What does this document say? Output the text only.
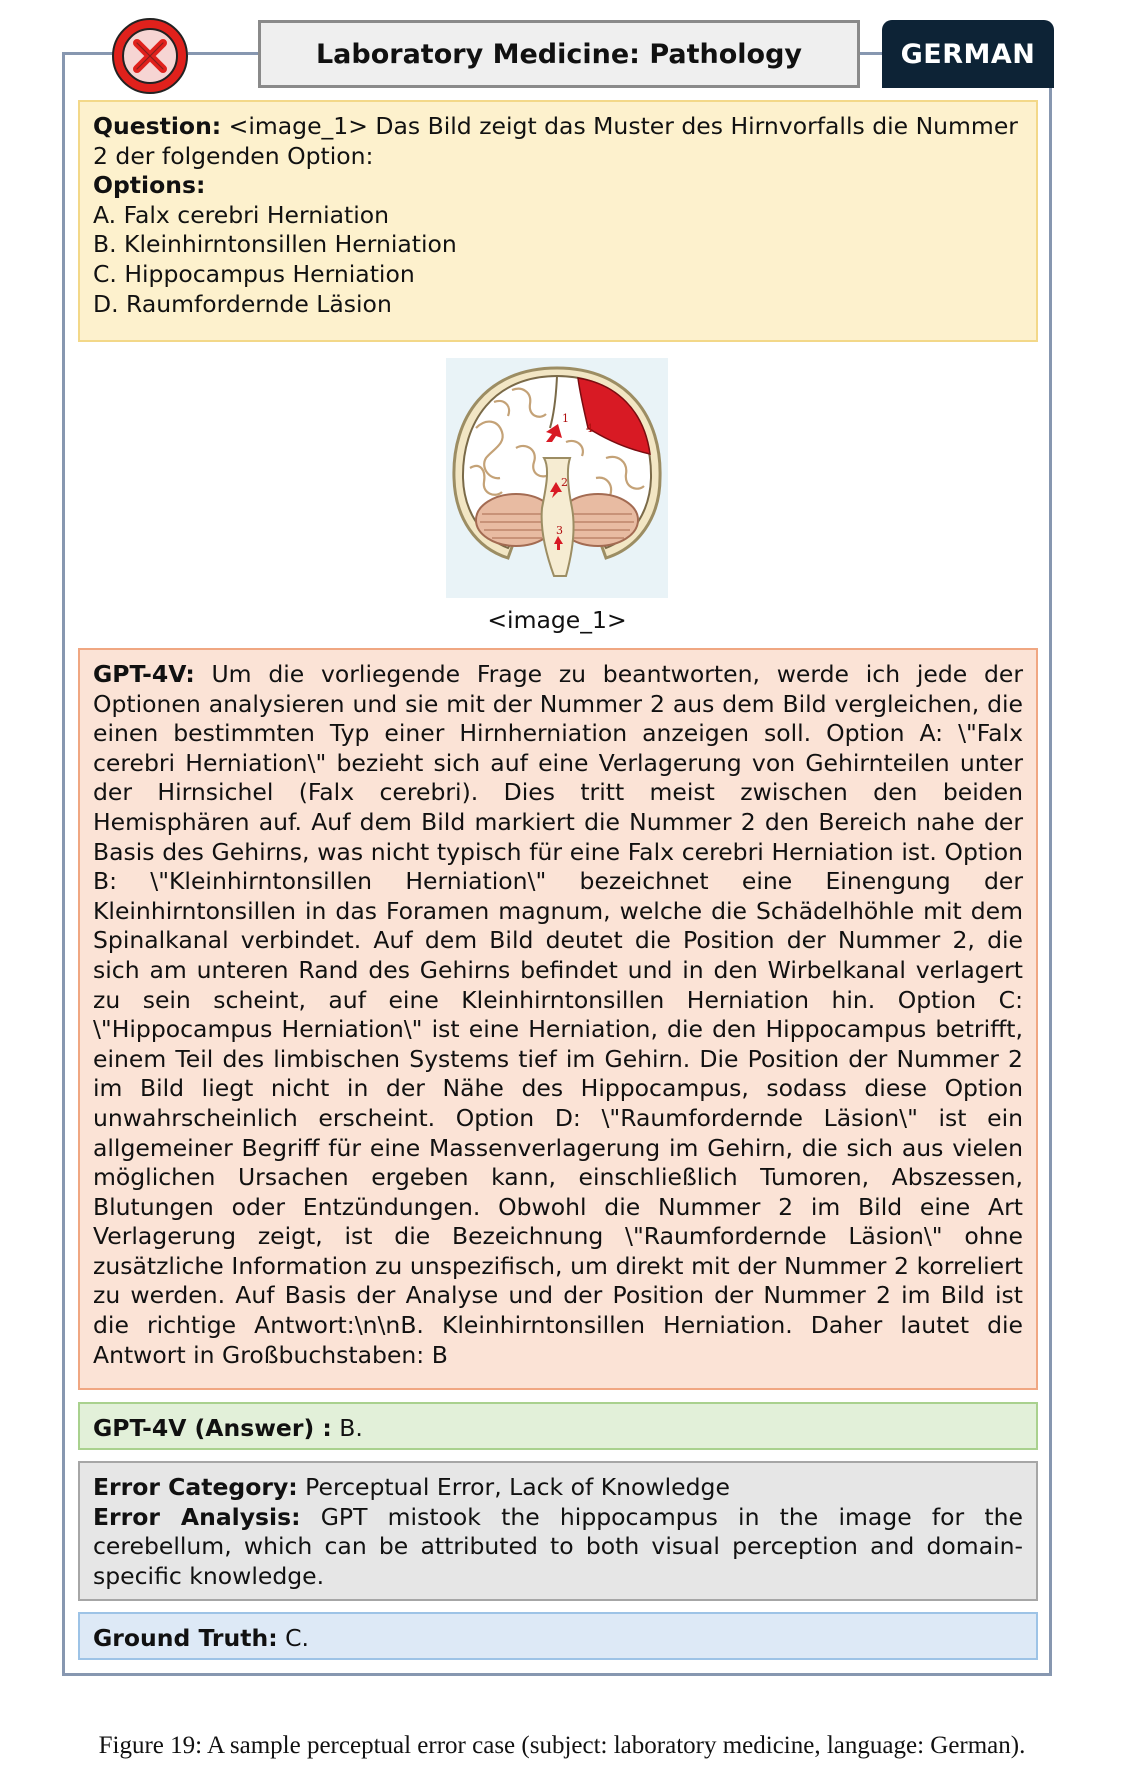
Laboratory Medicine: Pathology	GERMAN
Question: <image_1> Das Bild zeigt das Muster des Hirnvorfalls die Nummer 2 der folgenden Option:
Options:
A. Falx cerebri Herniation
B. Kleinhirntonsillen Herniation
C. Hippocampus Herniation
D. Raumfordernde Läsion
1
4
2
3
<image_1>
GPT-4V: Um die vorliegende Frage zu beantworten, werde ich jede der Optionen analysieren und sie mit der Nummer 2 aus dem Bild vergleichen, die einen bestimmten Typ einer Hirnherniation anzeigen soll. Option A: \"Falx cerebri Herniation\" bezieht sich auf eine Verlagerung von Gehirnteilen unter der Hirnsichel (Falx cerebri). Dies tritt meist zwischen den beiden Hemisphären auf. Auf dem Bild markiert die Nummer 2 den Bereich nahe der Basis des Gehirns, was nicht typisch für eine Falx cerebri Herniation ist. Option B: \"Kleinhirntonsillen Herniation\" bezeichnet eine Einengung der Kleinhirntonsillen in das Foramen magnum, welche die Schädelhöhle mit dem Spinalkanal verbindet. Auf dem Bild deutet die Position der Nummer 2, die sich am unteren Rand des Gehirns befindet und in den Wirbelkanal verlagert zu sein scheint, auf eine Kleinhirntonsillen Herniation hin. Option C: \"Hippocampus Herniation\" ist eine Herniation, die den Hippocampus betrifft, einem Teil des limbischen Systems tief im Gehirn. Die Position der Nummer 2 im Bild liegt nicht in der Nähe des Hippocampus, sodass diese Option unwahrscheinlich erscheint. Option D: \"Raumfordernde Läsion\" ist ein allgemeiner Begriff für eine Massenverlagerung im Gehirn, die sich aus vielen möglichen Ursachen ergeben kann, einschließlich Tumoren, Abszessen, Blutungen oder Entzündungen. Obwohl die Nummer 2 im Bild eine Art Verlagerung zeigt, ist die Bezeichnung \"Raumfordernde Läsion\" ohne zusätzliche Information zu unspezifisch, um direkt mit der Nummer 2 korreliert zu werden. Auf Basis der Analyse und der Position der Nummer 2 im Bild ist die richtige Antwort:\n\nB. Kleinhirntonsillen Herniation. Daher lautet die Antwort in Großbuchstaben: B
GPT-4V (Answer) : B.
Error Category: Perceptual Error, Lack of Knowledge
Error Analysis: GPT mistook the hippocampus in the image for the cerebellum, which can be attributed to both visual perception and domain-specific knowledge.
Ground Truth: C.
Figure 19: A sample perceptual error case (subject: laboratory medicine, language: German).
